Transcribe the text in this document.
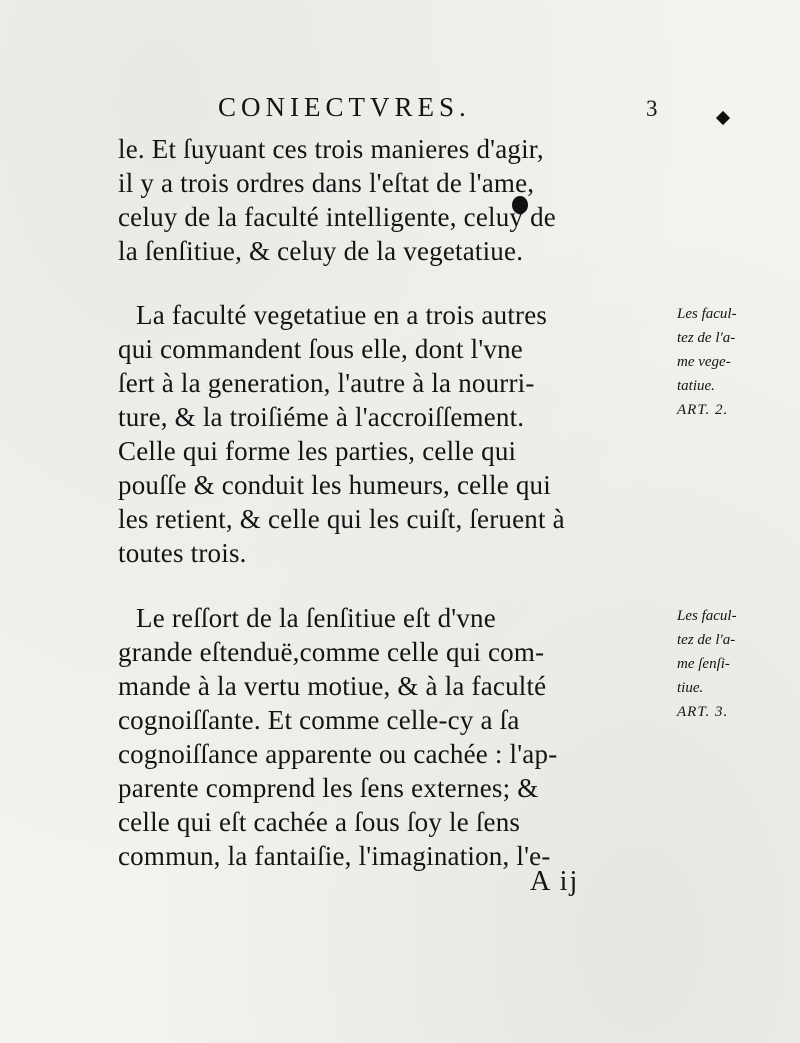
CONIECTVRES.	3
le. Et ſuyuant ces trois manieres d'agir,
il y a trois ordres dans l'eſtat de l'ame,
celuy de la faculté intelligente, celuy de
la ſenſitiue, & celuy de la vegetatiue.
La faculté vegetatiue en a trois autres
qui commandent ſous elle, dont l'vne
ſert à la generation, l'autre à la nourri-
ture, & la troiſiéme à l'accroiſſement.
Celle qui forme les parties, celle qui
pouſſe & conduit les humeurs, celle qui
les retient, & celle qui les cuiſt, ſeruent à
toutes trois.
Le reſſort de la ſenſitiue eſt d'vne
grande eſtenduë,comme celle qui com-
mande à la vertu motiue, & à la faculté
cognoiſſante. Et comme celle-cy a ſa
cognoiſſance apparente ou cachée : l'ap-
parente comprend les ſens externes; &
celle qui eſt cachée a ſous ſoy le ſens
commun, la fantaiſie, l'imagination, l'e-
Les facul-
tez de l'a-
me vege-
tatiue.
ART. 2.
Les facul-
tez de l'a-
me ſenſi-
tiue.
ART. 3.
A ij
